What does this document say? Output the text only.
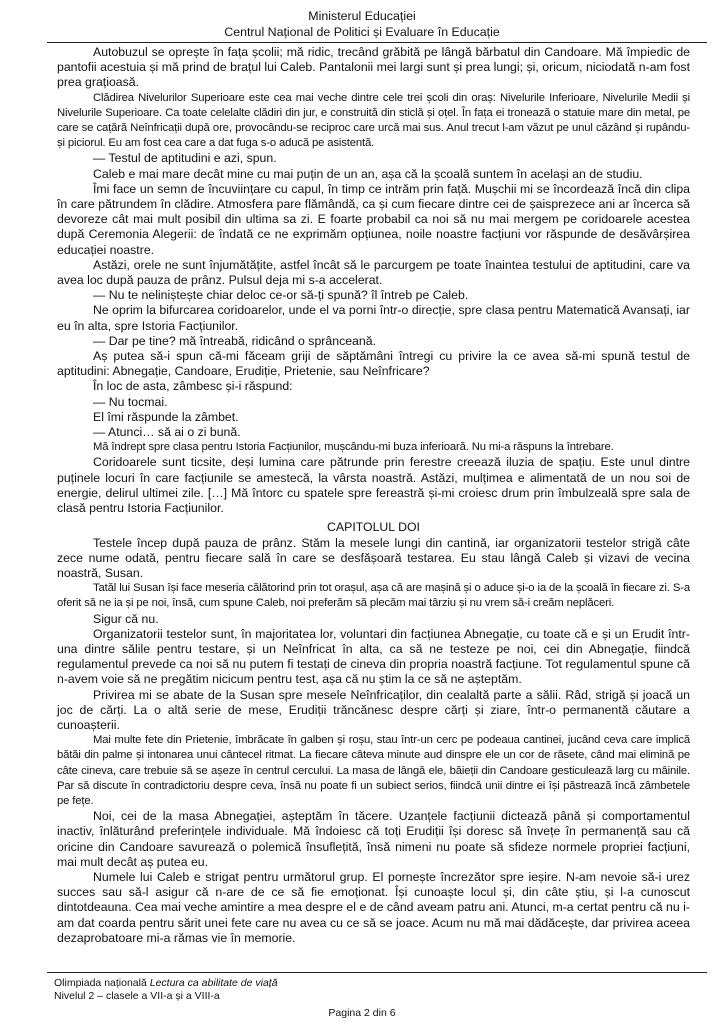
Ministerul Educației
Centrul Național de Politici și Evaluare în Educație

Autobuzul se oprește în fața școlii; mă ridic, trecând grăbită pe lângă bărbatul din Candoare. Mă împiedic de pantofii acestuia și mă prind de brațul lui Caleb. Pantalonii mei largi sunt și prea lungi; și, oricum, niciodată n-am fost prea grațioasă.

Clădirea Nivelurilor Superioare este cea mai veche dintre cele trei școli din oraș: Nivelurile Inferioare, Nivelurile Medii și Nivelurile Superioare. Ca toate celelalte clădiri din jur, e construită din sticlă și oțel. În fața ei tronează o statuie mare din metal, pe care se cațără Neînfricații după ore, provocându-se reciproc care urcă mai sus. Anul trecut l-am văzut pe unul căzând și rupându-și piciorul. Eu am fost cea care a dat fuga s-o aducă pe asistentă.

— Testul de aptitudini e azi, spun.

Caleb e mai mare decât mine cu mai puțin de un an, așa că la școală suntem în același an de studiu.

Îmi face un semn de încuviințare cu capul, în timp ce intrăm prin față. Mușchii mi se încordează încă din clipa în care pătrundem în clădire. Atmosfera pare flămândă, ca și cum fiecare dintre cei de șaisprezece ani ar încerca să devoreze cât mai mult posibil din ultima sa zi. E foarte probabil ca noi să nu mai mergem pe coridoarele acestea după Ceremonia Alegerii: de îndată ce ne exprimăm opțiunea, noile noastre facțiuni vor răspunde de desăvârșirea educației noastre.

Astăzi, orele ne sunt înjumătățite, astfel încât să le parcurgem pe toate înaintea testului de aptitudini, care va avea loc după pauza de prânz. Pulsul deja mi s-a accelerat.

— Nu te neliniștește chiar deloc ce-or să-ți spună? îl întreb pe Caleb.

Ne oprim la bifurcarea coridoarelor, unde el va porni într-o direcție, spre clasa pentru Matematică Avansați, iar eu în alta, spre Istoria Facțiunilor.

— Dar pe tine? mă întreabă, ridicând o sprânceană.

Aș putea să-i spun că-mi făceam griji de săptămâni întregi cu privire la ce avea să-mi spună testul de aptitudini: Abnegație, Candoare, Erudiție, Prietenie, sau Neînfricare?

În loc de asta, zâmbesc și-i răspund:

— Nu tocmai.

El îmi răspunde la zâmbet.

— Atunci… să ai o zi bună.

Mă îndrept spre clasa pentru Istoria Facțiunilor, mușcându-mi buza inferioară. Nu mi-a răspuns la întrebare.

Coridoarele sunt ticsite, deși lumina care pătrunde prin ferestre creează iluzia de spațiu. Este unul dintre puținele locuri în care facțiunile se amestecă, la vârsta noastră. Astăzi, mulțimea e alimentată de un nou soi de energie, delirul ultimei zile. […] Mă întorc cu spatele spre fereastră și-mi croiesc drum prin îmbulzeală spre sala de clasă pentru Istoria Facțiunilor.

CAPITOLUL DOI

Testele încep după pauza de prânz. Stăm la mesele lungi din cantină, iar organizatorii testelor strigă câte zece nume odată, pentru fiecare sală în care se desfășoară testarea. Eu stau lângă Caleb și vizavi de vecina noastră, Susan.

Tatăl lui Susan își face meseria călătorind prin tot orașul, așa că are mașină și o aduce și-o ia de la școală în fiecare zi. S-a oferit să ne ia și pe noi, însă, cum spune Caleb, noi preferăm să plecăm mai târziu și nu vrem să-i creăm neplăceri.

Sigur că nu.

Organizatorii testelor sunt, în majoritatea lor, voluntari din facțiunea Abnegație, cu toate că e și un Erudit într-una dintre sălile pentru testare, și un Neînfricat în alta, ca să ne testeze pe noi, cei din Abnegație, fiindcă regulamentul prevede ca noi să nu putem fi testați de cineva din propria noastră facțiune. Tot regulamentul spune că n-avem voie să ne pregătim nicicum pentru test, așa că nu știm la ce să ne așteptăm.

Privirea mi se abate de la Susan spre mesele Neînfricaților, din cealaltă parte a sălii. Râd, strigă și joacă un joc de cărți. La o altă serie de mese, Erudiții trăncănesc despre cărți și ziare, într-o permanentă căutare a cunoașterii.

Mai multe fete din Prietenie, îmbrăcate în galben și roșu, stau într-un cerc pe podeaua cantinei, jucând ceva care implică bătăi din palme și intonarea unui cântecel ritmat. La fiecare câteva minute aud dinspre ele un cor de râsete, când mai elimină pe câte cineva, care trebuie să se așeze în centrul cercului. La masa de lângă ele, băieții din Candoare gesticulează larg cu mâinile. Par să discute în contradictoriu despre ceva, însă nu poate fi un subiect serios, fiindcă unii dintre ei își păstrează încă zâmbetele pe fețe.

Noi, cei de la masa Abnegației, așteptăm în tăcere. Uzanțele facțiunii dictează până și comportamentul inactiv, înlăturând preferințele individuale. Mă îndoiesc că toți Erudiții își doresc să învețe în permanență sau că oricine din Candoare savurează o polemică însuflețită, însă nimeni nu poate să sfideze normele propriei facțiuni, mai mult decât aș putea eu.

Numele lui Caleb e strigat pentru următorul grup. El pornește încrezător spre ieșire. N-am nevoie să-i urez succes sau să-l asigur că n-are de ce să fie emoționat. Își cunoaște locul și, din câte știu, și l-a cunoscut dintotdeauna. Cea mai veche amintire a mea despre el e de când aveam patru ani. Atunci, m-a certat pentru că nu i-am dat coarda pentru sărit unei fete care nu avea cu ce să se joace. Acum nu mă mai dădăcește, dar privirea aceea dezaprobatoare mi-a rămas vie în memorie.

Olimpiada națională Lectura ca abilitate de viață
Nivelul 2 – clasele a VII-a și a VIII-a
Pagina 2 din 6
